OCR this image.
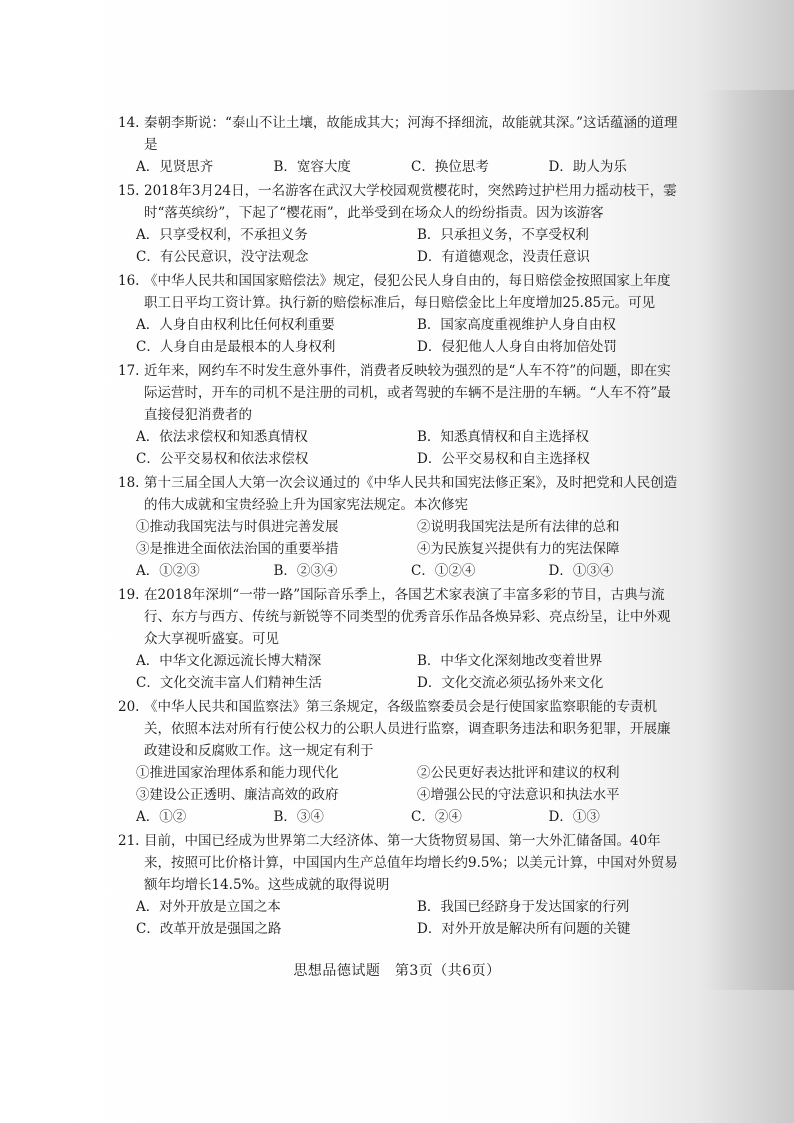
14. 秦朝李斯说：“泰山不让土壤，故能成其大；河海不择细流，故能就其深。”这话蕴涵的道理是
A．见贤思齐	B．宽容大度	C．换位思考	D．助人为乐
15. 2018年3月24日，一名游客在武汉大学校园观赏樱花时，突然跨过护栏用力摇动枝干，霎时“落英缤纷”，下起了“樱花雨”，此举受到在场众人的纷纷指责。因为该游客
A．只享受权利，不承担义务	B．只承担义务，不享受权利
C．有公民意识，没守法观念	D．有道德观念，没责任意识
16. 《中华人民共和国国家赔偿法》规定，侵犯公民人身自由的，每日赔偿金按照国家上年度职工日平均工资计算。执行新的赔偿标准后，每日赔偿金比上年度增加25.85元。可见
A．人身自由权利比任何权利重要	B．国家高度重视维护人身自由权
C．人身自由是最根本的人身权利	D．侵犯他人人身自由将加倍处罚
17. 近年来，网约车不时发生意外事件，消费者反映较为强烈的是“人车不符”的问题，即在实际运营时，开车的司机不是注册的司机，或者驾驶的车辆不是注册的车辆。“人车不符”最直接侵犯消费者的
A．依法求偿权和知悉真情权	B．知悉真情权和自主选择权
C．公平交易权和依法求偿权	D．公平交易权和自主选择权
18. 第十三届全国人大第一次会议通过的《中华人民共和国宪法修正案》，及时把党和人民创造的伟大成就和宝贵经验上升为国家宪法规定。本次修宪
①推动我国宪法与时俱进完善发展	②说明我国宪法是所有法律的总和
③是推进全面依法治国的重要举措	④为民族复兴提供有力的宪法保障
A．①②③	B．②③④	C．①②④	D．①③④
19. 在2018年深圳“一带一路”国际音乐季上，各国艺术家表演了丰富多彩的节目，古典与流行、东方与西方、传统与新锐等不同类型的优秀音乐作品各焕异彩、亮点纷呈，让中外观众大享视听盛宴。可见
A．中华文化源远流长博大精深	B．中华文化深刻地改变着世界
C．文化交流丰富人们精神生活	D．文化交流必须弘扬外来文化
20. 《中华人民共和国监察法》第三条规定，各级监察委员会是行使国家监察职能的专责机关，依照本法对所有行使公权力的公职人员进行监察，调查职务违法和职务犯罪，开展廉政建设和反腐败工作。这一规定有利于
①推进国家治理体系和能力现代化	②公民更好表达批评和建议的权利
③建设公正透明、廉洁高效的政府	④增强公民的守法意识和执法水平
A．①②	B．③④	C．②④	D．①③
21. 目前，中国已经成为世界第二大经济体、第一大货物贸易国、第一大外汇储备国。40年来，按照可比价格计算，中国国内生产总值年均增长约9.5%；以美元计算，中国对外贸易额年均增长14.5%。这些成就的取得说明
A．对外开放是立国之本	B．我国已经跻身于发达国家的行列
C．改革开放是强国之路	D．对外开放是解决所有问题的关键
思想品德试题　第3页（共6页）
